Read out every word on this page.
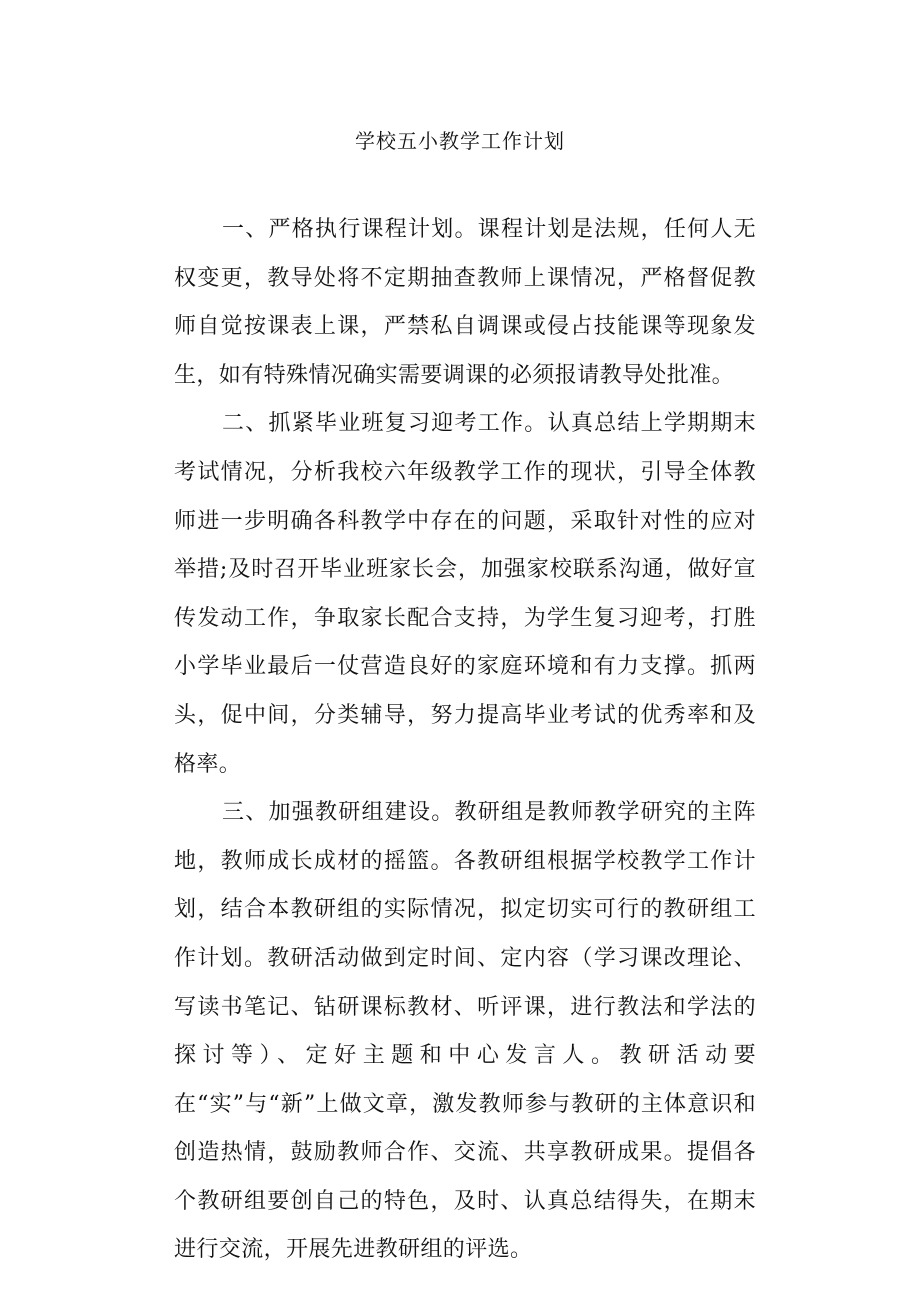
学校五小教学工作计划

一、严格执行课程计划。课程计划是法规，任何人无权变更，教导处将不定期抽查教师上课情况，严格督促教师自觉按课表上课，严禁私自调课或侵占技能课等现象发生，如有特殊情况确实需要调课的必须报请教导处批准。

二、抓紧毕业班复习迎考工作。认真总结上学期期末考试情况，分析我校六年级教学工作的现状，引导全体教师进一步明确各科教学中存在的问题，采取针对性的应对举措;及时召开毕业班家长会，加强家校联系沟通，做好宣传发动工作，争取家长配合支持，为学生复习迎考，打胜小学毕业最后一仗营造良好的家庭环境和有力支撑。抓两头，促中间，分类辅导，努力提高毕业考试的优秀率和及格率。

三、加强教研组建设。教研组是教师教学研究的主阵地，教师成长成材的摇篮。各教研组根据学校教学工作计划，结合本教研组的实际情况，拟定切实可行的教研组工作计划。教研活动做到定时间、定内容（学习课改理论、写读书笔记、钻研课标教材、听评课，进行教法和学法的探讨等）、定好主题和中心发言人。教研活动要在“实”与“新”上做文章，激发教师参与教研的主体意识和创造热情，鼓励教师合作、交流、共享教研成果。提倡各个教研组要创自己的特色，及时、认真总结得失，在期末进行交流，开展先进教研组的评选。
